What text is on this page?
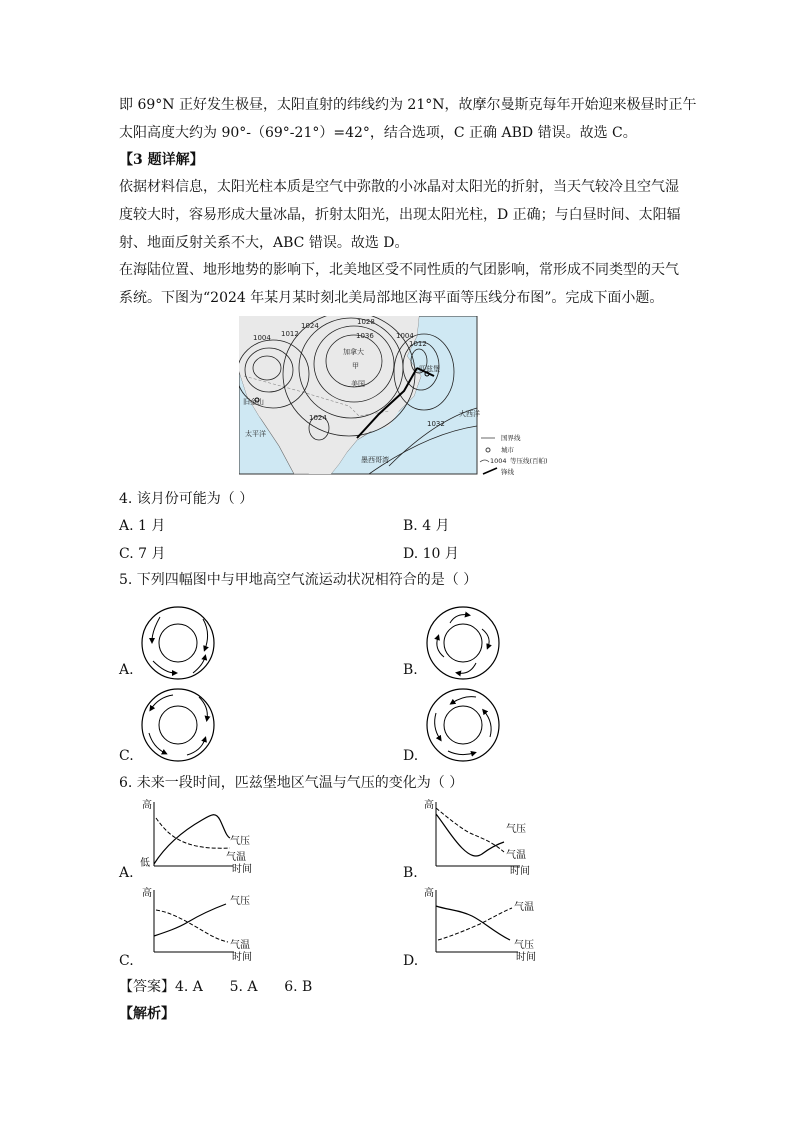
即 69°N 正好发生极昼，太阳直射的纬线约为 21°N，故摩尔曼斯克每年开始迎来极昼时正午
太阳高度大约为 90°-（69°-21°）=42°，结合选项，C 正确 ABD 错误。故选 C。
【3 题详解】
依据材料信息，太阳光柱本质是空气中弥散的小冰晶对太阳光的折射，当天气较冷且空气湿
度较大时，容易形成大量冰晶，折射太阳光，出现太阳光柱，D 正确；与白昼时间、太阳辐
射、地面反射关系不大，ABC 错误。故选 D。
在海陆位置、地形地势的影响下，北美地区受不同性质的气团影响，常形成不同类型的天气
系统。下图为“2024 年某月某时刻北美局部地区海平面等压线分布图”。完成下面小题。
1028
1036
1024
1012
1004
1012
1004
1024
1032
加拿大
甲
美国
旧金山
匹兹堡
太平洋
大西洋
墨西哥湾
国界线
城市
1004 等压线(百帕)
锋线
4. 该月份可能为（ ）
A. 1 月	B. 4 月
C. 7 月	D. 10 月
5. 下列四幅图中与甲地高空气流运动状况相符合的是（ ）
A.	B.
C.	D.
6. 未来一段时间，匹兹堡地区气温与气压的变化为（ ）
高
低
气压
气温
时间
A.
高
气压
气温
时间
B.
高
气压
气温
时间
C.
高
气温
气压
时间
D.
【答案】4. A      5. A      6. B
【解析】
